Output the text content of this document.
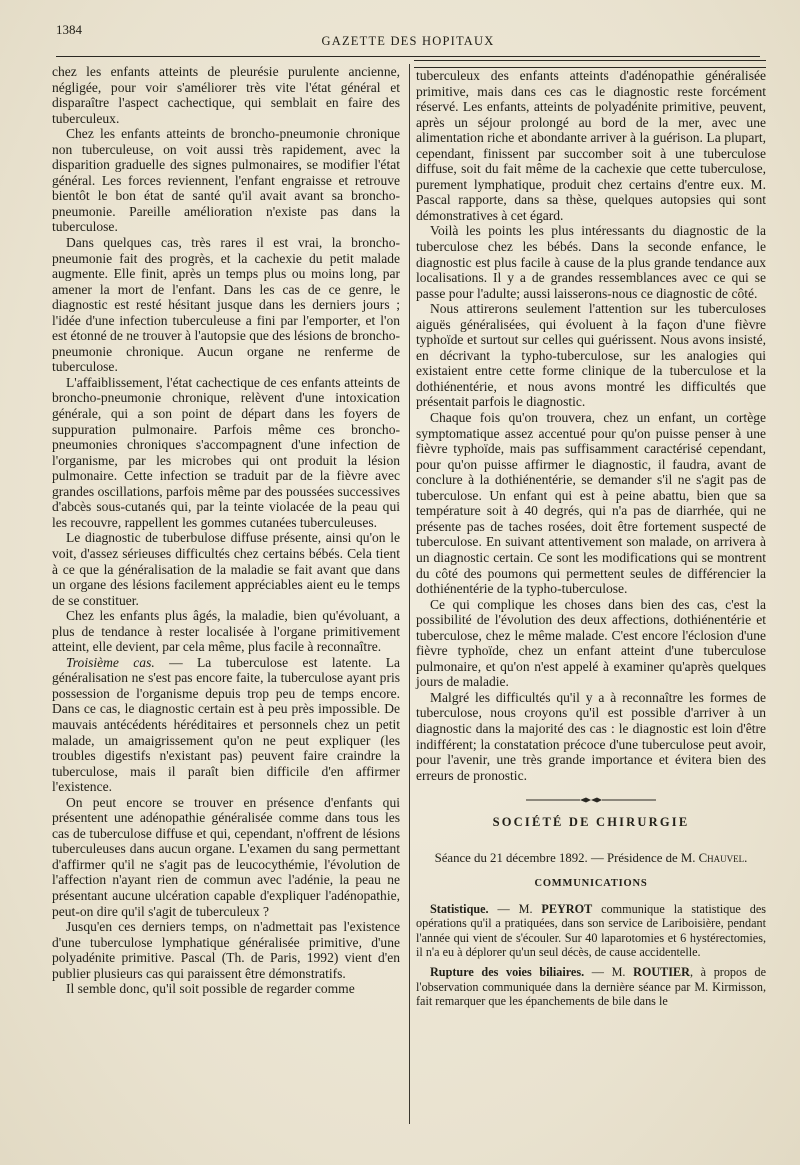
1384
GAZETTE DES HOPITAUX

chez les enfants atteints de pleurésie purulente ancienne, négligée, pour voir s'améliorer très vite l'état général et disparaître l'aspect cachectique, qui semblait en faire des tuberculeux.

Chez les enfants atteints de broncho-pneumonie chronique non tuberculeuse, on voit aussi très rapidement, avec la disparition graduelle des signes pulmonaires, se modifier l'état général. Les forces reviennent, l'enfant engraisse et retrouve bientôt le bon état de santé qu'il avait avant sa broncho-pneumonie. Pareille amélioration n'existe pas dans la tuberculose.

Dans quelques cas, très rares il est vrai, la broncho-pneumonie fait des progrès, et la cachexie du petit malade augmente. Elle finit, après un temps plus ou moins long, par amener la mort de l'enfant. Dans les cas de ce genre, le diagnostic est resté hésitant jusque dans les derniers jours ; l'idée d'une infection tuberculeuse a fini par l'emporter, et l'on est étonné de ne trouver à l'autopsie que des lésions de broncho-pneumonie chronique. Aucun organe ne renferme de tuberculose.

L'affaiblissement, l'état cachectique de ces enfants atteints de broncho-pneumonie chronique, relèvent d'une intoxication générale, qui a son point de départ dans les foyers de suppuration pulmonaire. Parfois même ces broncho-pneumonies chroniques s'accompagnent d'une infection de l'organisme, par les microbes qui ont produit la lésion pulmonaire. Cette infection se traduit par de la fièvre avec grandes oscillations, parfois même par des poussées successives d'abcès sous-cutanés qui, par la teinte violacée de la peau qui les recouvre, rappellent les gommes cutanées tuberculeuses.

Le diagnostic de tuberbulose diffuse présente, ainsi qu'on le voit, d'assez sérieuses difficultés chez certains bébés. Cela tient à ce que la généralisation de la maladie se fait avant que dans un organe des lésions facilement appréciables aient eu le temps de se constituer.

Chez les enfants plus âgés, la maladie, bien qu'évoluant, a plus de tendance à rester localisée à l'organe primitivement atteint, elle devient, par cela même, plus facile à reconnaître.

Troisième cas. — La tuberculose est latente. La généralisation ne s'est pas encore faite, la tuberculose ayant pris possession de l'organisme depuis trop peu de temps encore. Dans ce cas, le diagnostic certain est à peu près impossible. De mauvais antécédents héréditaires et personnels chez un petit malade, un amaigrissement qu'on ne peut expliquer (les troubles digestifs n'existant pas) peuvent faire craindre la tuberculose, mais il paraît bien difficile d'en affirmer l'existence.

On peut encore se trouver en présence d'enfants qui présentent une adénopathie généralisée comme dans tous les cas de tuberculose diffuse et qui, cependant, n'offrent de lésions tuberculeuses dans aucun organe. L'examen du sang permettant d'affirmer qu'il ne s'agit pas de leucocythémie, l'évolution de l'affection n'ayant rien de commun avec l'adénie, la peau ne présentant aucune ulcération capable d'expliquer l'adénopathie, peut-on dire qu'il s'agit de tuberculeux ?

Jusqu'en ces derniers temps, on n'admettait pas l'existence d'une tuberculose lymphatique généralisée primitive, d'une polyadénite primitive. Pascal (Th. de Paris, 1992) vient d'en publier plusieurs cas qui paraissent être démonstratifs.

Il semble donc, qu'il soit possible de regarder comme

tuberculeux des enfants atteints d'adénopathie généralisée primitive, mais dans ces cas le diagnostic reste forcément réservé. Les enfants, atteints de polyadénite primitive, peuvent, après un séjour prolongé au bord de la mer, avec une alimentation riche et abondante arriver à la guérison. La plupart, cependant, finissent par succomber soit à une tuberculose diffuse, soit du fait même de la cachexie que cette tuberculose, purement lymphatique, produit chez certains d'entre eux. M. Pascal rapporte, dans sa thèse, quelques autopsies qui sont démonstratives à cet égard.

Voilà les points les plus intéressants du diagnostic de la tuberculose chez les bébés. Dans la seconde enfance, le diagnostic est plus facile à cause de la plus grande tendance aux localisations. Il y a de grandes ressemblances avec ce qui se passe pour l'adulte; aussi laisserons-nous ce diagnostic de côté.

Nous attirerons seulement l'attention sur les tuberculoses aiguës généralisées, qui évoluent à la façon d'une fièvre typhoïde et surtout sur celles qui guérissent. Nous avons insisté, en décrivant la typho-tuberculose, sur les analogies qui existaient entre cette forme clinique de la tuberculose et la dothiénentérie, et nous avons montré les difficultés que présentait parfois le diagnostic.

Chaque fois qu'on trouvera, chez un enfant, un cortège symptomatique assez accentué pour qu'on puisse penser à une fièvre typhoïde, mais pas suffisamment caractérisé cependant, pour qu'on puisse affirmer le diagnostic, il faudra, avant de conclure à la dothiénentérie, se demander s'il ne s'agit pas de tuberculose. Un enfant qui est à peine abattu, bien que sa température soit à 40 degrés, qui n'a pas de diarrhée, qui ne présente pas de taches rosées, doit être fortement suspecté de tuberculose. En suivant attentivement son malade, on arrivera à un diagnostic certain. Ce sont les modifications qui se montrent du côté des poumons qui permettent seules de différencier la dothiénentérie de la typho-tuberculose.

Ce qui complique les choses dans bien des cas, c'est la possibilité de l'évolution des deux affections, dothiénentérie et tuberculose, chez le même malade. C'est encore l'éclosion d'une fièvre typhoïde, chez un enfant atteint d'une tuberculose pulmonaire, et qu'on n'est appelé à examiner qu'après quelques jours de maladie.

Malgré les difficultés qu'il y a à reconnaître les formes de tuberculose, nous croyons qu'il est possible d'arriver à un diagnostic dans la majorité des cas : le diagnostic est loin d'être indifférent; la constatation précoce d'une tuberculose peut avoir, pour l'avenir, une très grande importance et évitera bien des erreurs de pronostic.

SOCIÉTÉ DE CHIRURGIE
Séance du 21 décembre 1892. — Présidence de M. Chauvel.
COMMUNICATIONS

Statistique. — M. PEYROT communique la statistique des opérations qu'il a pratiquées, dans son service de Lariboisière, pendant l'année qui vient de s'écouler. Sur 40 laparotomies et 6 hystérectomies, il n'a eu à déplorer qu'un seul décès, de cause accidentelle.

Rupture des voies biliaires. — M. ROUTIER, à propos de l'observation communiquée dans la dernière séance par M. Kirmisson, fait remarquer que les épanchements de bile dans le
